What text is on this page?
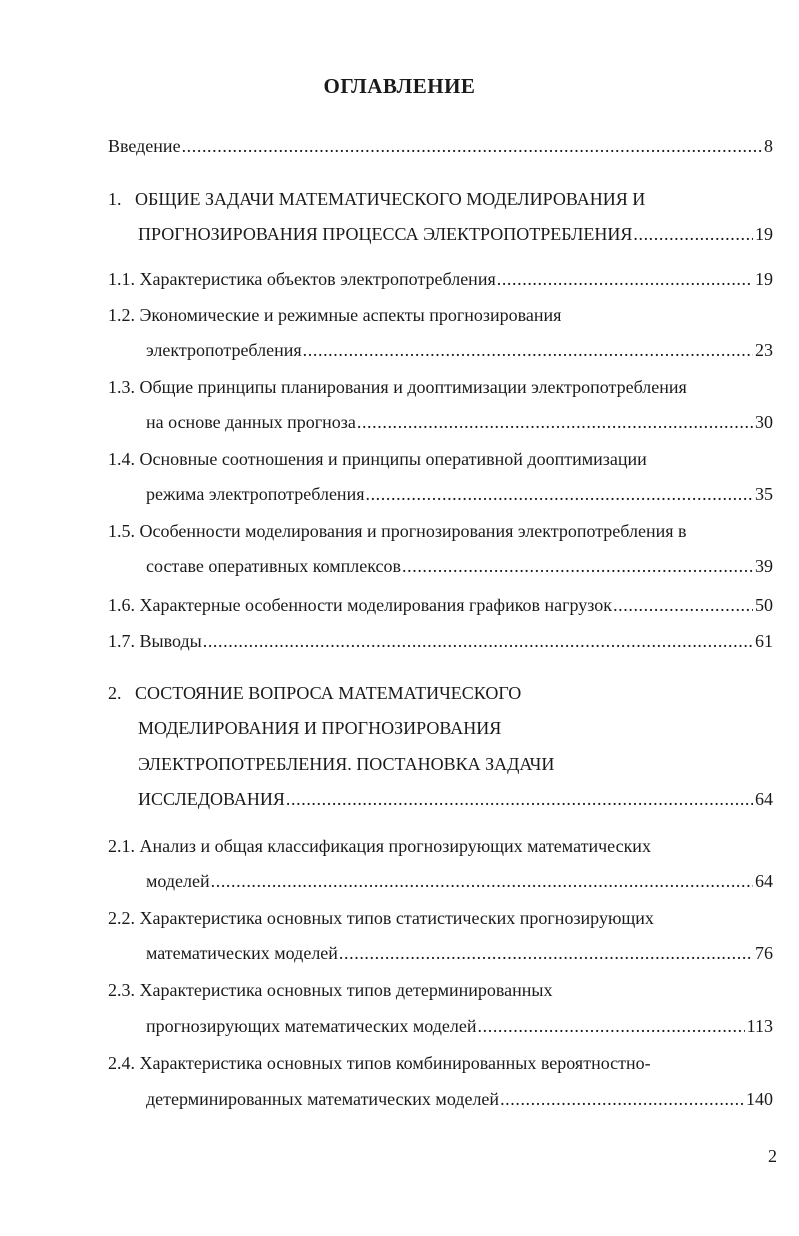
ОГЛАВЛЕНИЕ
Введение .....	8
1.   ОБЩИЕ ЗАДАЧИ МАТЕМАТИЧЕСКОГО МОДЕЛИРОВАНИЯ И
ПРОГНОЗИРОВАНИЯ ПРОЦЕССА ЭЛЕКТРОПОТРЕБЛЕНИЯ .....	19
1.1. Характеристика объектов электропотребления .....	19
1.2. Экономические и режимные аспекты прогнозирования
электропотребления .....	23
1.3. Общие принципы планирования и дооптимизации электропотребления
на основе данных прогноза .....	30
1.4. Основные соотношения и принципы оперативной дооптимизации
режима электропотребления .....	35
1.5. Особенности моделирования и прогнозирования электропотребления в
составе оперативных комплексов .....	39
1.6. Характерные особенности моделирования графиков нагрузок .....	50
1.7. Выводы .....	61
2.   СОСТОЯНИЕ ВОПРОСА МАТЕМАТИЧЕСКОГО
МОДЕЛИРОВАНИЯ И ПРОГНОЗИРОВАНИЯ
ЭЛЕКТРОПОТРЕБЛЕНИЯ. ПОСТАНОВКА ЗАДАЧИ
ИССЛЕДОВАНИЯ .....	64
2.1. Анализ и общая классификация прогнозирующих математических
моделей .....	64
2.2. Характеристика основных типов статистических прогнозирующих
математических моделей .....	76
2.3. Характеристика основных типов детерминированных
прогнозирующих математических моделей .....	113
2.4. Характеристика основных типов комбинированных вероятностно-
детерминированных математических моделей .....	140
2
